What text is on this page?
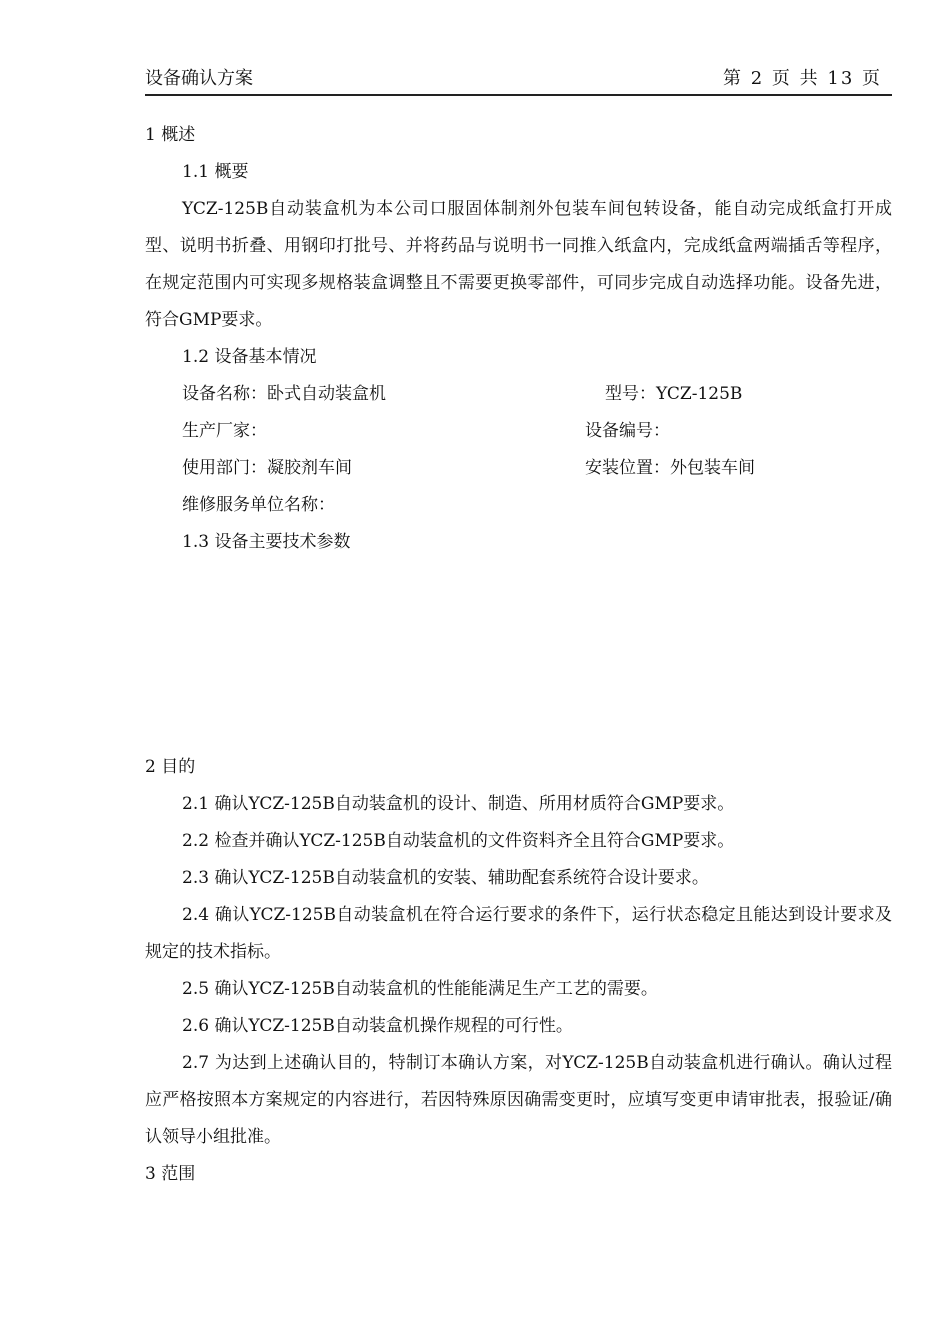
设备确认方案	第 2 页 共 13 页
1 概述
1.1 概要
YCZ-125B自动装盒机为本公司口服固体制剂外包装车间包转设备，能自动完成纸盒打开成型、说明书折叠、用钢印打批号、并将药品与说明书一同推入纸盒内，完成纸盒两端插舌等程序，在规定范围内可实现多规格装盒调整且不需要更换零部件，可同步完成自动选择功能。设备先进，符合GMP要求。
1.2 设备基本情况
设备名称：卧式自动装盒机	型号：YCZ-125B
生产厂家：	设备编号：
使用部门：凝胶剂车间	安装位置：外包装车间
维修服务单位名称：
1.3 设备主要技术参数
2 目的
2.1 确认YCZ-125B自动装盒机的设计、制造、所用材质符合GMP要求。
2.2 检查并确认YCZ-125B自动装盒机的文件资料齐全且符合GMP要求。
2.3 确认YCZ-125B自动装盒机的安装、辅助配套系统符合设计要求。
2.4 确认YCZ-125B自动装盒机在符合运行要求的条件下，运行状态稳定且能达到设计要求及规定的技术指标。
2.5 确认YCZ-125B自动装盒机的性能能满足生产工艺的需要。
2.6 确认YCZ-125B自动装盒机操作规程的可行性。
2.7 为达到上述确认目的，特制订本确认方案，对YCZ-125B自动装盒机进行确认。确认过程应严格按照本方案规定的内容进行，若因特殊原因确需变更时，应填写变更申请审批表，报验证/确认领导小组批准。
3 范围
